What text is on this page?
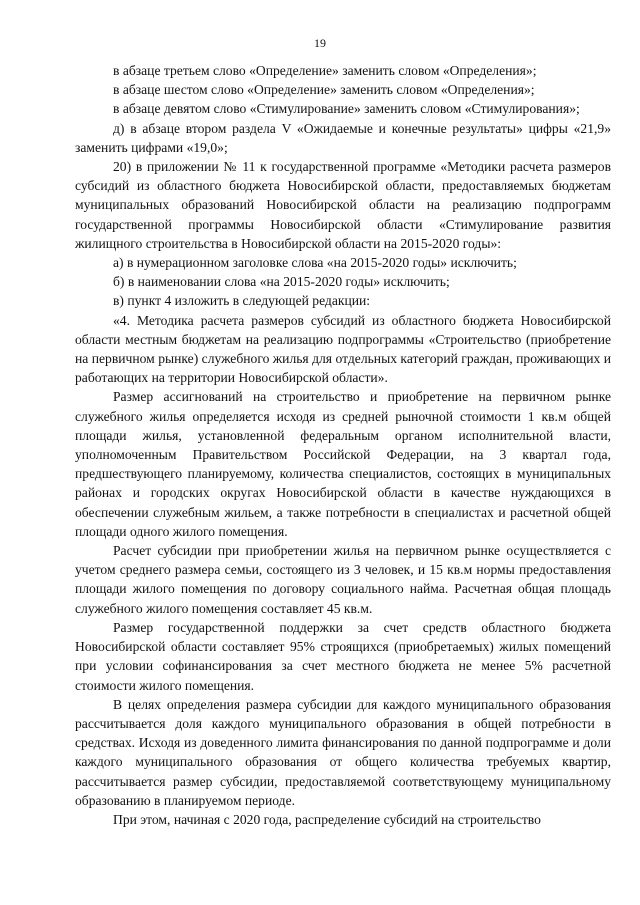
19

в абзаце третьем слово «Определение» заменить словом «Определения»;

в абзаце шестом слово «Определение» заменить словом «Определения»;

в абзаце девятом слово «Стимулирование» заменить словом «Стимулирования»;

д) в абзаце втором раздела V «Ожидаемые и конечные результаты» цифры «21,9» заменить цифрами «19,0»;

20) в приложении № 11 к государственной программе «Методики расчета размеров субсидий из областного бюджета Новосибирской области, предоставляемых бюджетам муниципальных образований Новосибирской области на реализацию подпрограмм государственной программы Новосибирской области «Стимулирование развития жилищного строительства в Новосибирской области на 2015-2020 годы»:

а) в нумерационном заголовке слова «на 2015-2020 годы» исключить;

б) в наименовании слова «на 2015-2020 годы» исключить;

в) пункт 4 изложить в следующей редакции:

«4. Методика расчета размеров субсидий из областного бюджета Новосибирской области местным бюджетам на реализацию подпрограммы «Строительство (приобретение на первичном рынке) служебного жилья для отдельных категорий граждан, проживающих и работающих на территории Новосибирской области».

Размер ассигнований на строительство и приобретение на первичном рынке служебного жилья определяется исходя из средней рыночной стоимости 1 кв.м общей площади жилья, установленной федеральным органом исполнительной власти, уполномоченным Правительством Российской Федерации, на 3 квартал года, предшествующего планируемому, количества специалистов, состоящих в муниципальных районах и городских округах Новосибирской области в качестве нуждающихся в обеспечении служебным жильем, а также потребности в специалистах и расчетной общей площади одного жилого помещения.

Расчет субсидии при приобретении жилья на первичном рынке осуществляется с учетом среднего размера семьи, состоящего из 3 человек, и 15 кв.м нормы предоставления площади жилого помещения по договору социального найма. Расчетная общая площадь служебного жилого помещения составляет 45 кв.м.

Размер государственной поддержки за счет средств областного бюджета Новосибирской области составляет 95% строящихся (приобретаемых) жилых помещений при условии софинансирования за счет местного бюджета не менее 5% расчетной стоимости жилого помещения.

В целях определения размера субсидии для каждого муниципального образования рассчитывается доля каждого муниципального образования в общей потребности в средствах. Исходя из доведенного лимита финансирования по данной подпрограмме и доли каждого муниципального образования от общего количества требуемых квартир, рассчитывается размер субсидии, предоставляемой соответствующему муниципальному образованию в планируемом периоде.

При этом, начиная с 2020 года, распределение субсидий на строительство
